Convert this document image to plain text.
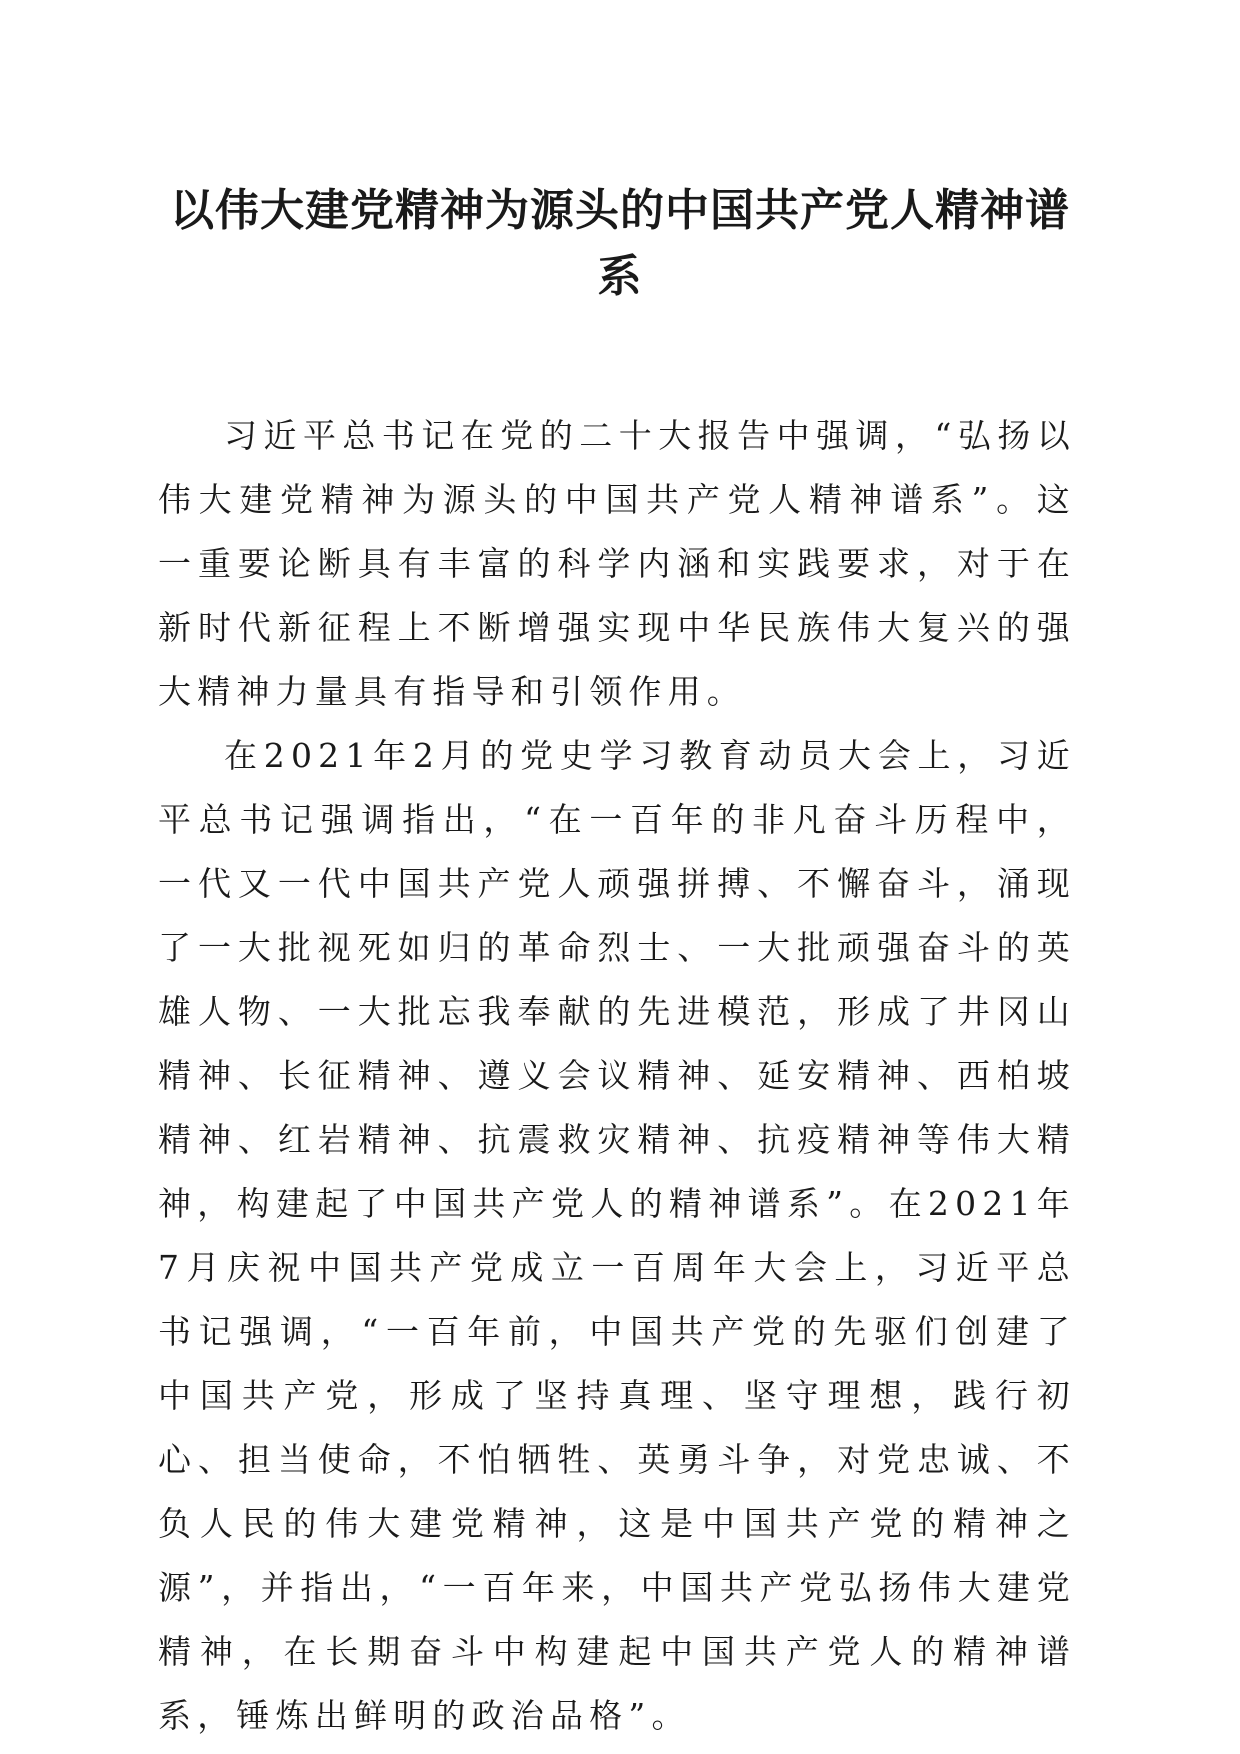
以伟大建党精神为源头的中国共产党人精神谱系

习近平总书记在党的二十大报告中强调，“弘扬以伟大建党精神为源头的中国共产党人精神谱系”。这一重要论断具有丰富的科学内涵和实践要求，对于在新时代新征程上不断增强实现中华民族伟大复兴的强大精神力量具有指导和引领作用。

在2021年2月的党史学习教育动员大会上，习近平总书记强调指出，“在一百年的非凡奋斗历程中，一代又一代中国共产党人顽强拼搏、不懈奋斗，涌现了一大批视死如归的革命烈士、一大批顽强奋斗的英雄人物、一大批忘我奉献的先进模范，形成了井冈山精神、长征精神、遵义会议精神、延安精神、西柏坡精神、红岩精神、抗震救灾精神、抗疫精神等伟大精神，构建起了中国共产党人的精神谱系”。在2021年7月庆祝中国共产党成立一百周年大会上，习近平总书记强调，“一百年前，中国共产党的先驱们创建了中国共产党，形成了坚持真理、坚守理想，践行初心、担当使命，不怕牺牲、英勇斗争，对党忠诚、不负人民的伟大建党精神，这是中国共产党的精神之源”，并指出，“一百年来，中国共产党弘扬伟大建党精神，在长期奋斗中构建起中国共产党人的精神谱系，锤炼出鲜明的政治品格”。
